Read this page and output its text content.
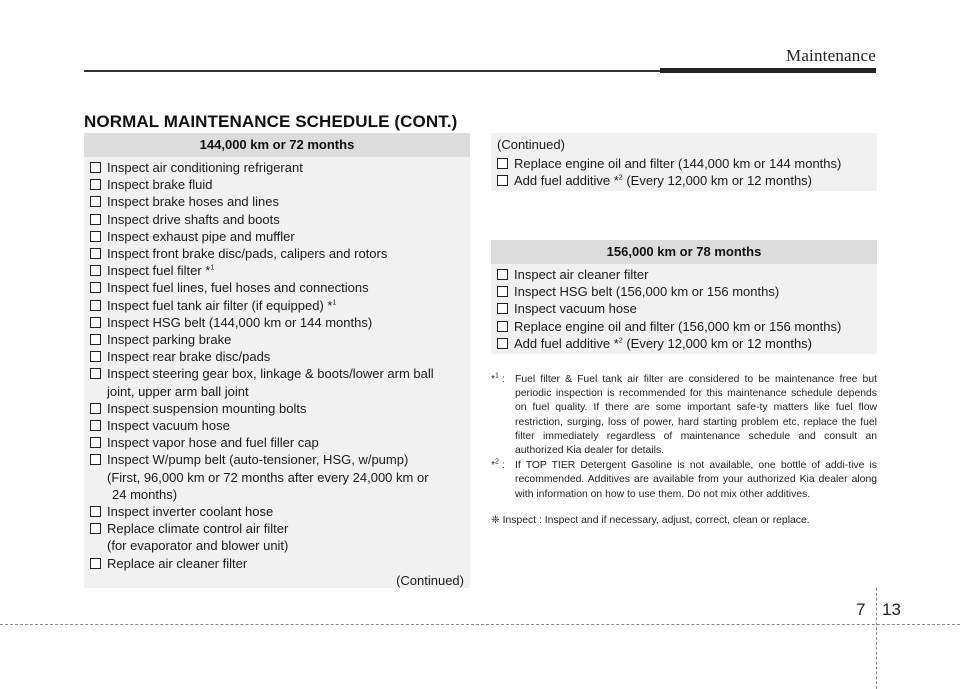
Maintenance
NORMAL MAINTENANCE SCHEDULE (CONT.)
144,000 km or 72 months
Inspect air conditioning refrigerant
Inspect brake fluid
Inspect brake hoses and lines
Inspect drive shafts and boots
Inspect exhaust pipe and muffler
Inspect front brake disc/pads, calipers and rotors
Inspect fuel filter *$^1$
Inspect fuel lines, fuel hoses and connections
Inspect fuel tank air filter (if equipped) *$^1$
Inspect HSG belt (144,000 km or 144 months)
Inspect parking brake
Inspect rear brake disc/pads
Inspect steering gear box, linkage & boots/lower arm ball
joint, upper arm ball joint
Inspect suspension mounting bolts
Inspect vacuum hose
Inspect vapor hose and fuel filler cap
Inspect W/pump belt (auto-tensioner, HSG, w/pump)
(First, 96,000 km or 72 months after every 24,000 km or
24 months)
Inspect inverter coolant hose
Replace climate control air filter
(for evaporator and blower unit)
Replace air cleaner filter
(Continued)
(Continued)
Replace engine oil and filter (144,000 km or 144 months)
Add fuel additive *$^2$ (Every 12,000 km or 12 months)
156,000 km or 78 months
Inspect air cleaner filter
Inspect HSG belt (156,000 km or 156 months)
Inspect vacuum hose
Replace engine oil and filter (156,000 km or 156 months)
Add fuel additive *$^2$ (Every 12,000 km or 12 months)
*$^1$ : Fuel filter & Fuel tank air filter are considered to be maintenance free but periodic inspection is recommended for this maintenance schedule depends on fuel quality. If there are some important safe-ty matters like fuel flow restriction, surging, loss of power, hard starting problem etc, replace the fuel filter immediately regardless of maintenance schedule and consult an authorized Kia dealer for details.
*$^2$ : If TOP TIER Detergent Gasoline is not available, one bottle of addi-tive is recommended. Additives are available from your authorized Kia dealer along with information on how to use them. Do not mix other additives.
❈ Inspect : Inspect and if necessary, adjust, correct, clean or replace.
7 13
